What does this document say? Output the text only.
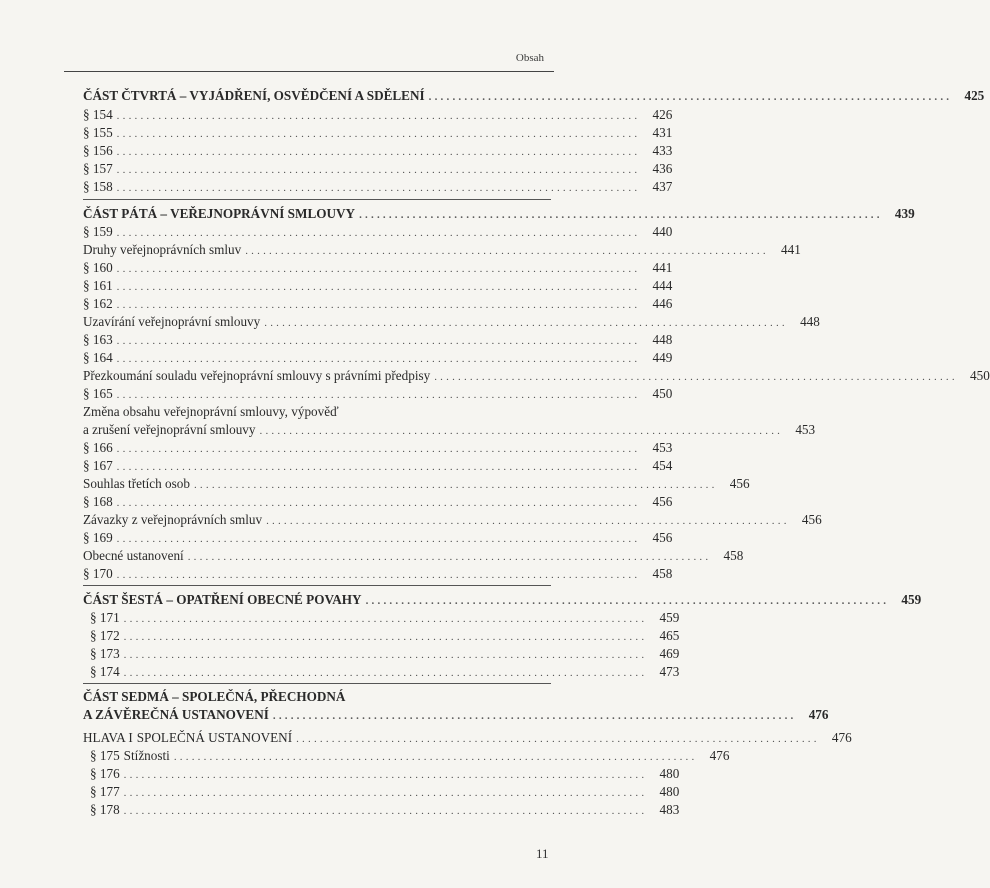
Obsah
ČÁST ČTVRTÁ – VYJÁDŘENÍ, OSVĚDČENÍ A SDĚLENÍ ........................................................................................ 425
§ 154 ........................................................................................ 426
§ 155 ........................................................................................ 431
§ 156 ........................................................................................ 433
§ 157 ........................................................................................ 436
§ 158 ........................................................................................ 437
ČÁST PÁTÁ – VEŘEJNOPRÁVNÍ SMLOUVY ........................................................................................ 439
§ 159 ........................................................................................ 440
Druhy veřejnoprávních smluv ........................................................................................ 441
§ 160 ........................................................................................ 441
§ 161 ........................................................................................ 444
§ 162 ........................................................................................ 446
Uzavírání veřejnoprávní smlouvy ........................................................................................ 448
§ 163 ........................................................................................ 448
§ 164 ........................................................................................ 449
Přezkoumání souladu veřejnoprávní smlouvy s právními předpisy ........................................................................................ 450
§ 165 ........................................................................................ 450
Změna obsahu veřejnoprávní smlouvy, výpověď
a zrušení veřejnoprávní smlouvy ........................................................................................ 453
§ 166 ........................................................................................ 453
§ 167 ........................................................................................ 454
Souhlas třetích osob ........................................................................................ 456
§ 168 ........................................................................................ 456
Závazky z veřejnoprávních smluv ........................................................................................ 456
§ 169 ........................................................................................ 456
Obecné ustanovení ........................................................................................ 458
§ 170 ........................................................................................ 458
ČÁST ŠESTÁ – OPATŘENÍ OBECNÉ POVAHY ........................................................................................ 459
§ 171 ........................................................................................ 459
§ 172 ........................................................................................ 465
§ 173 ........................................................................................ 469
§ 174 ........................................................................................ 473
ČÁST SEDMÁ – SPOLEČNÁ, PŘECHODNÁ
A ZÁVĚREČNÁ USTANOVENÍ ........................................................................................ 476
HLAVA I SPOLEČNÁ USTANOVENÍ ........................................................................................ 476
§ 175 Stížnosti ........................................................................................ 476
§ 176 ........................................................................................ 480
§ 177 ........................................................................................ 480
§ 178 ........................................................................................ 483
11
